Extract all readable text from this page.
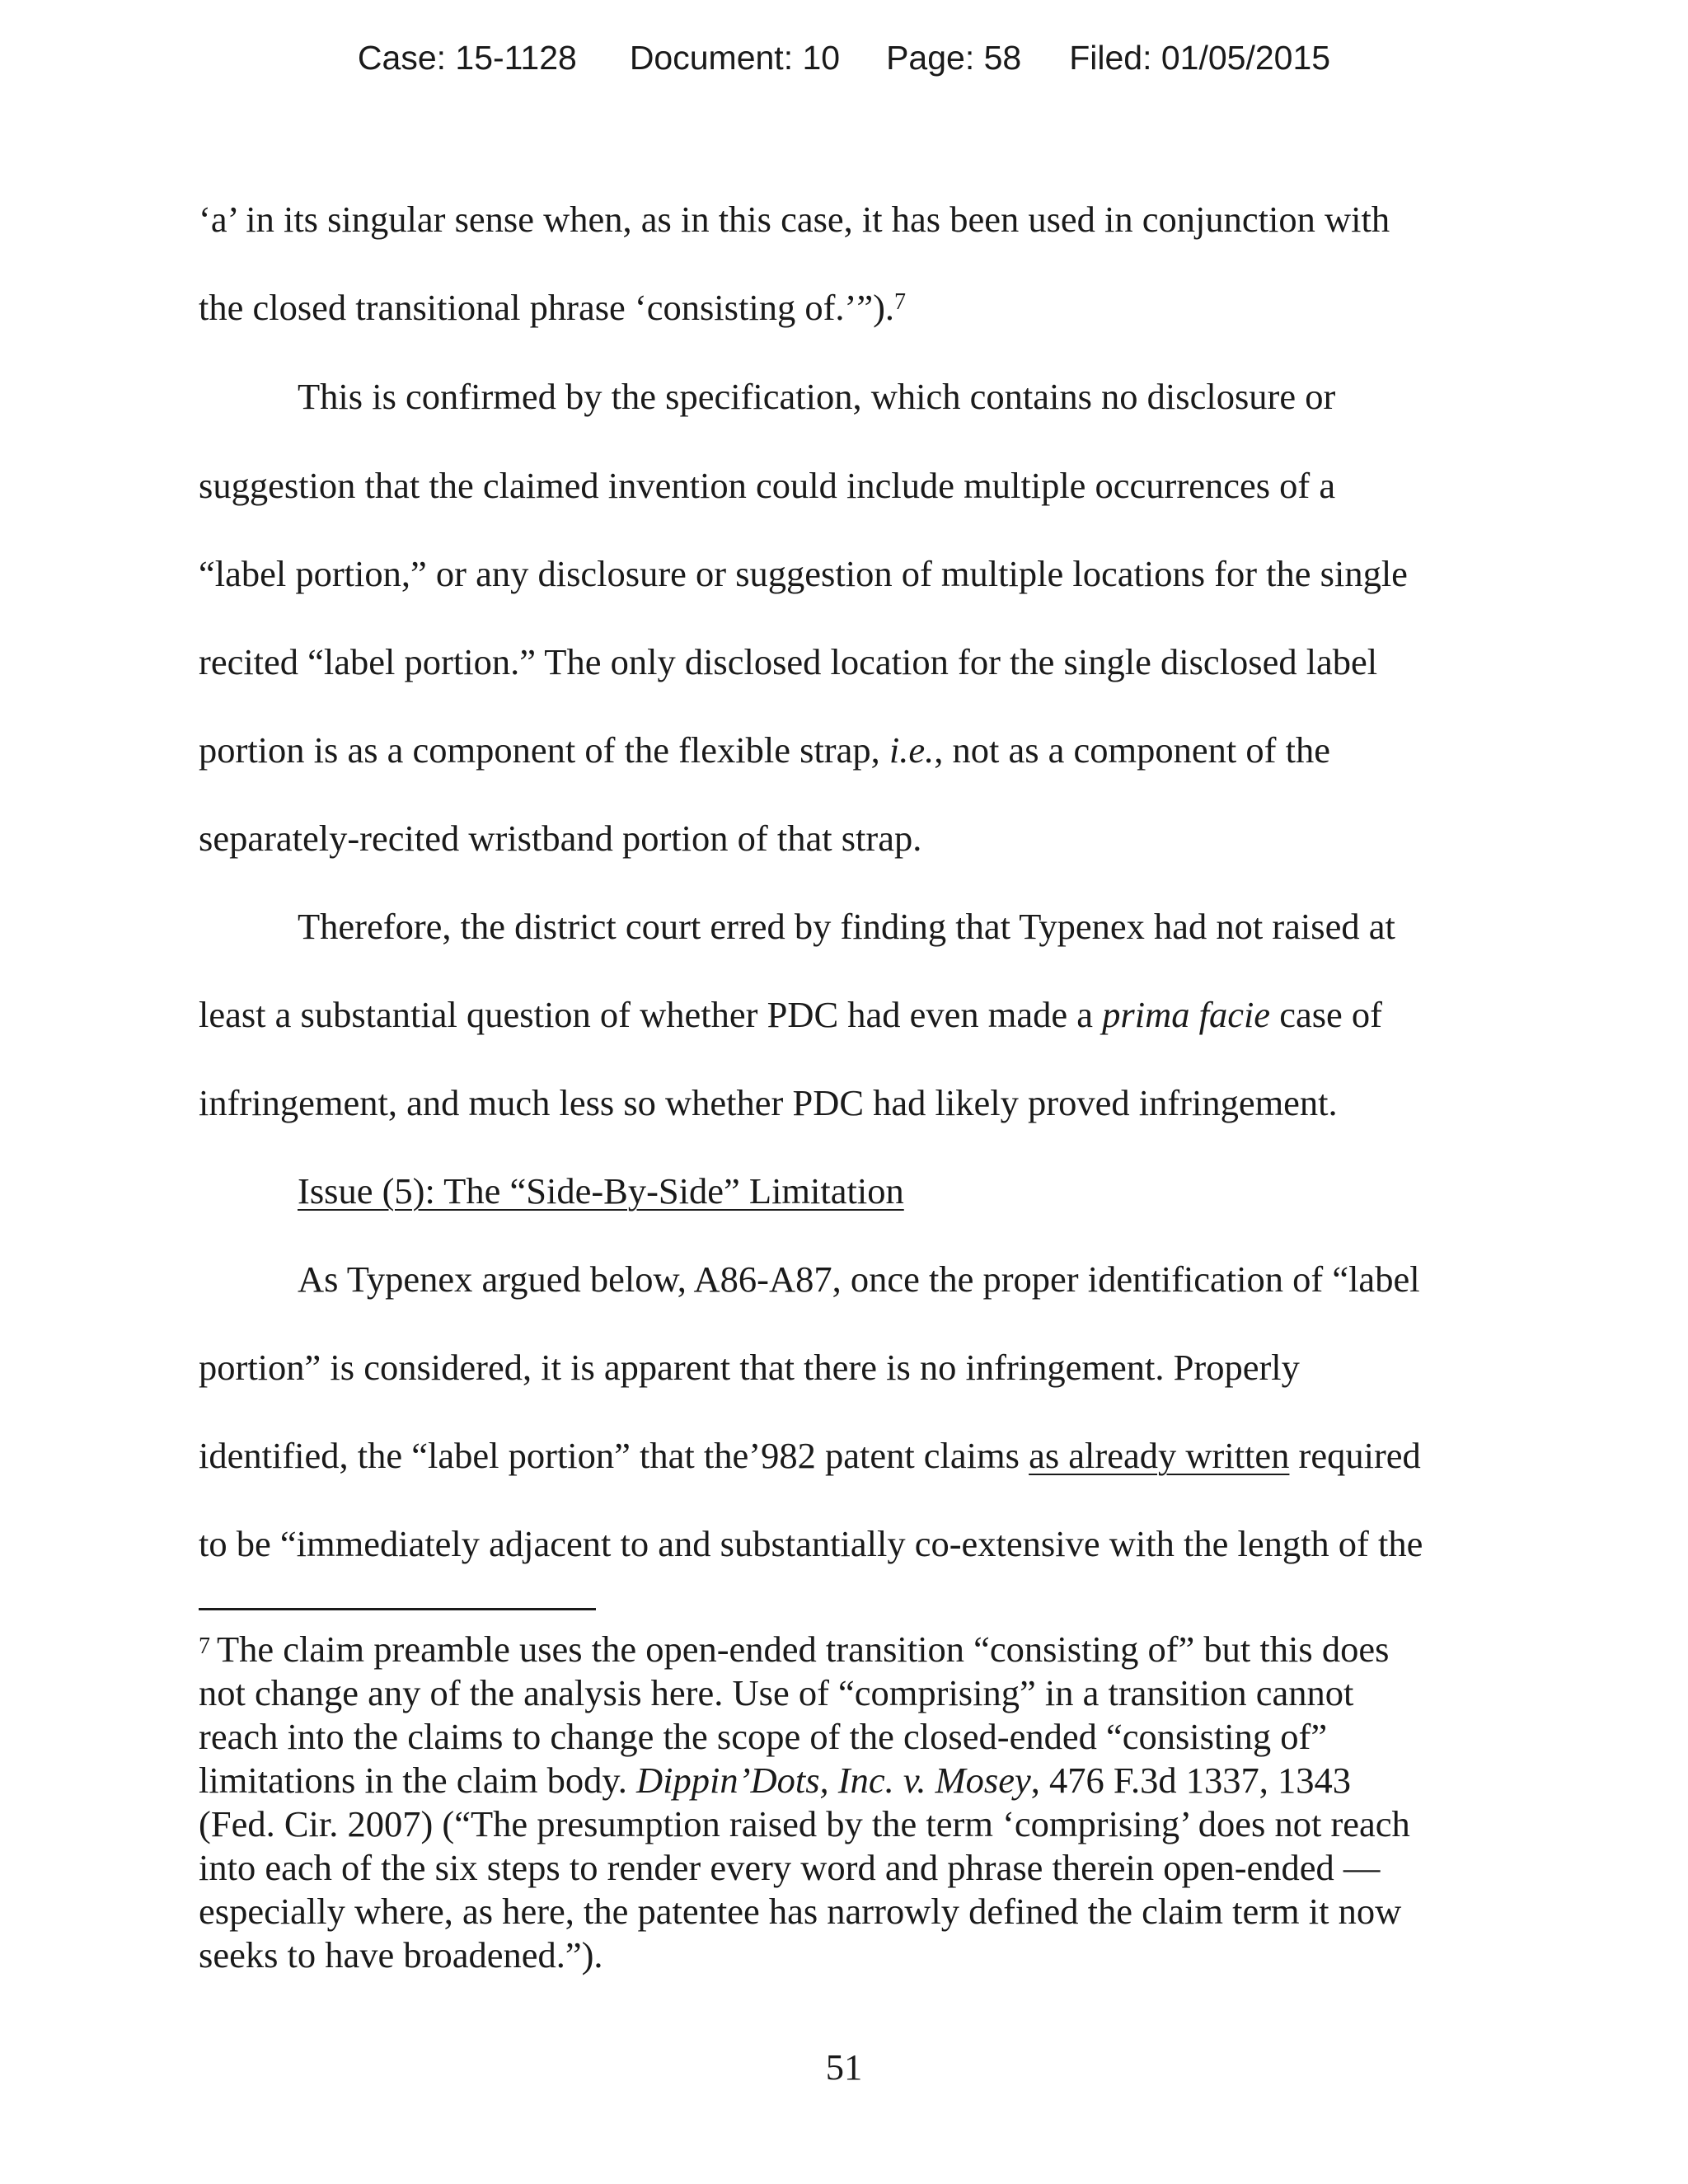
Case: 15-1128 Document: 10 Page: 58 Filed: 01/05/2015
‘a’ in its singular sense when, as in this case, it has been used in conjunction with
the closed transitional phrase ‘consisting of.’”).$^7$
This is confirmed by the specification, which contains no disclosure or
suggestion that the claimed invention could include multiple occurrences of a
“label portion,” or any disclosure or suggestion of multiple locations for the single
recited “label portion.” The only disclosed location for the single disclosed label
portion is as a component of the flexible strap, i.e., not as a component of the
separately-recited wristband portion of that strap.
Therefore, the district court erred by finding that Typenex had not raised at
least a substantial question of whether PDC had even made a prima facie case of
infringement, and much less so whether PDC had likely proved infringement.
Issue (5): The “Side-By-Side” Limitation
As Typenex argued below, A86-A87, once the proper identification of “label
portion” is considered, it is apparent that there is no infringement. Properly
identified, the “label portion” that the’982 patent claims as already written required
to be “immediately adjacent to and substantially co-extensive with the length of the
$^7$ The claim preamble uses the open-ended transition “consisting of” but this does
not change any of the analysis here. Use of “comprising” in a transition cannot
reach into the claims to change the scope of the closed-ended “consisting of”
limitations in the claim body. Dippin’Dots, Inc. v. Mosey, 476 F.3d 1337, 1343
(Fed. Cir. 2007) (“The presumption raised by the term ‘comprising’ does not reach
into each of the six steps to render every word and phrase therein open-ended —
especially where, as here, the patentee has narrowly defined the claim term it now
seeks to have broadened.”).
51
